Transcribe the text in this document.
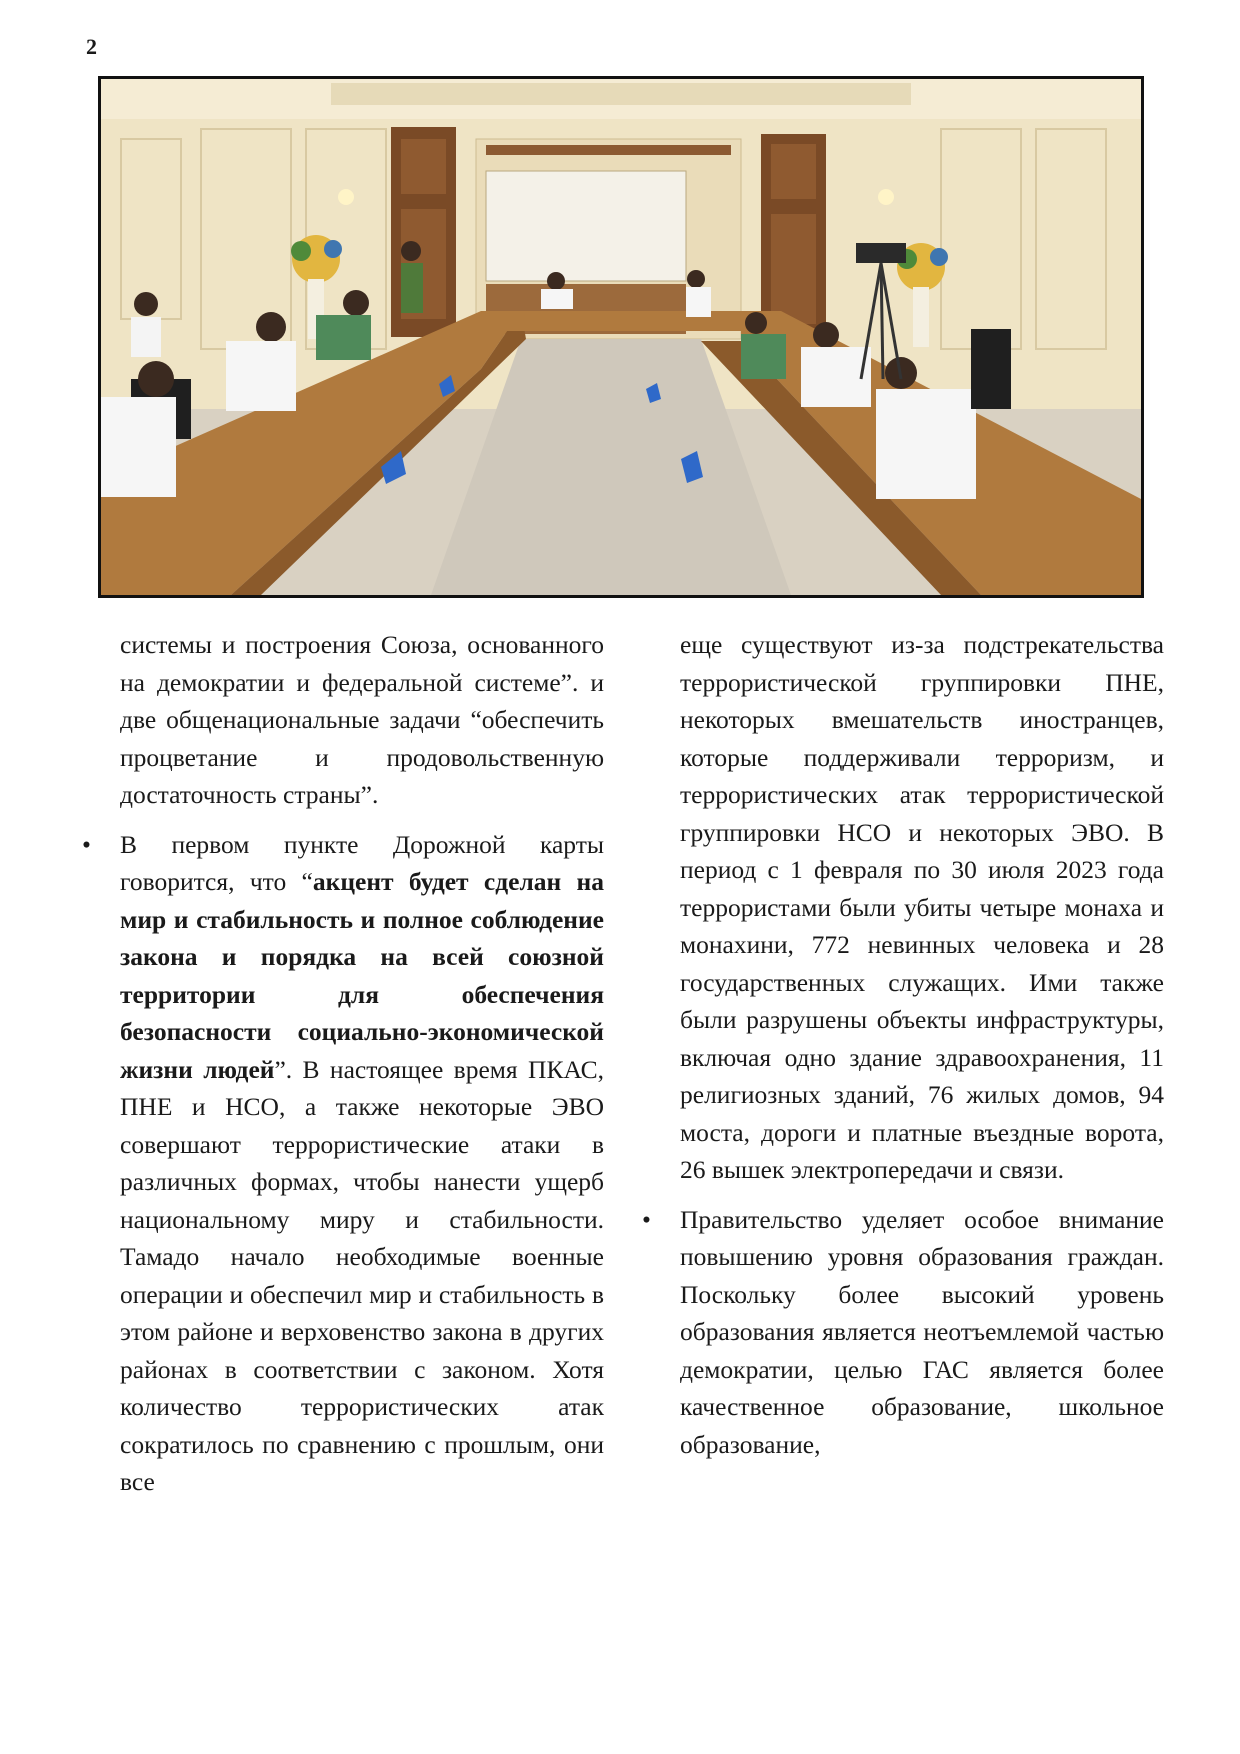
2

системы и построения Союза, основанного на демократии и федеральной системе”. и две общенациональные задачи “обеспечить процветание и продовольственную достаточность страны”.

• В первом пункте Дорожной карты говорится, что “акцент будет сделан на мир и стабильность и полное соблюдение закона и порядка на всей союзной территории для обеспечения безопасности социально-экономической жизни людей”. В настоящее время ПКАС, ПНЕ и НСО, а также некоторые ЭВО совершают террористические атаки в различных формах, чтобы нанести ущерб национальному миру и стабильности. Тамадо начало необходимые военные операции и обеспечил мир и стабильность в этом районе и верховенство закона в других районах в соответствии с законом. Хотя количество террористических атак сократилось по сравнению с прошлым, они все

еще существуют из-за подстрекательства террористической группировки ПНЕ, некоторых вмешательств иностранцев, которые поддерживали терроризм, и террористических атак террористической группировки НСО и некоторых ЭВО. В период с 1 февраля по 30 июля 2023 года террористами были убиты четыре монаха и монахини, 772 невинных человека и 28 государственных служащих. Ими также были разрушены объекты инфраструктуры, включая одно здание здравоохранения, 11 религиозных зданий, 76 жилых домов, 94 моста, дороги и платные въездные ворота, 26 вышек электропередачи и связи.

• Правительство уделяет особое внимание повышению уровня образования граждан. Поскольку более высокий уровень образования является неотъемлемой частью демократии, целью ГАС является более качественное образование, школьное образование,
